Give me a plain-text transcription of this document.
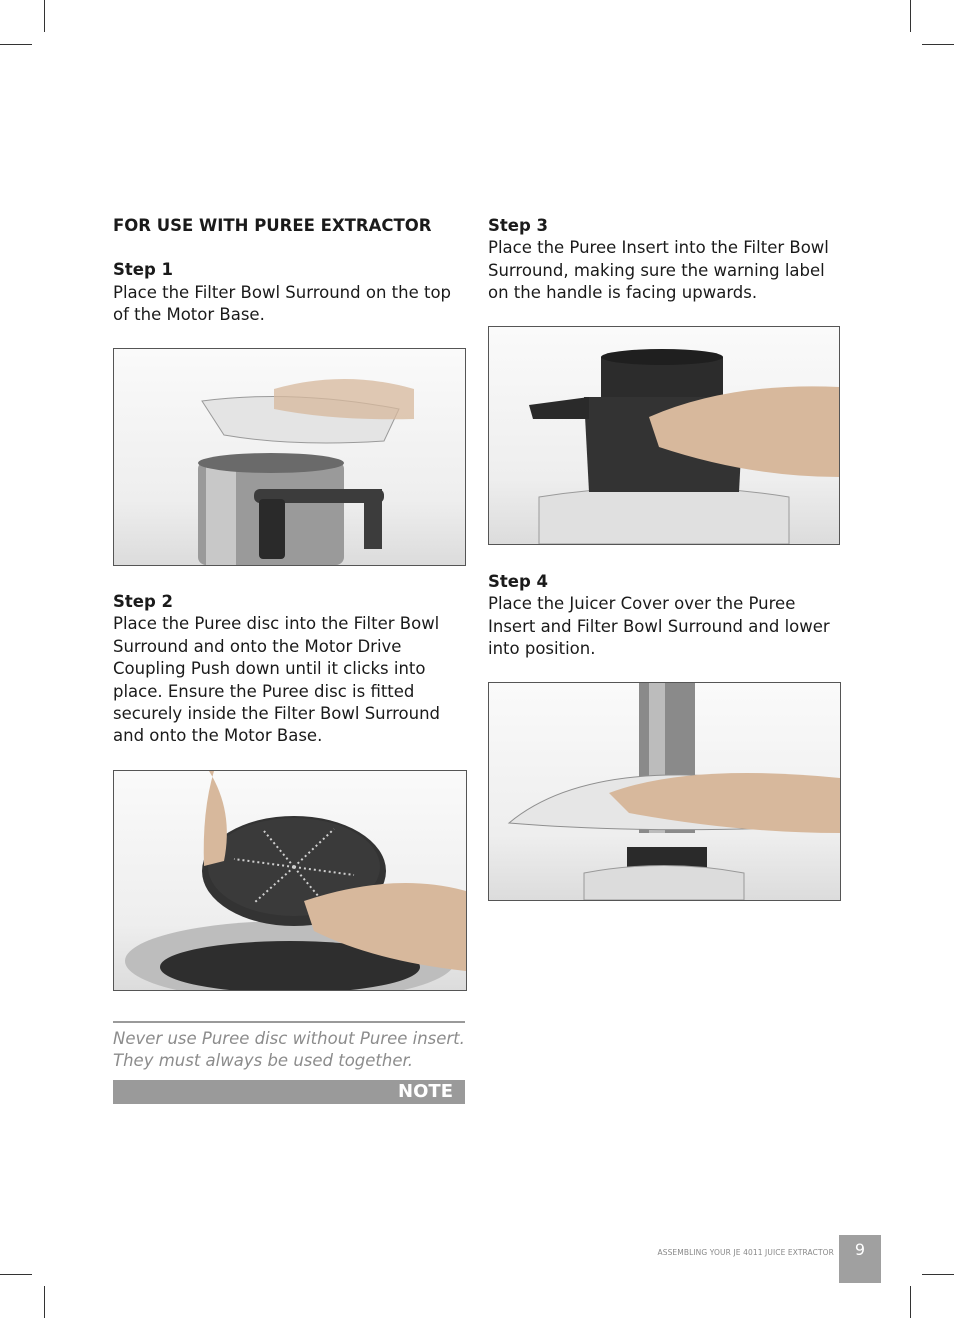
FOR USE WITH PUREE EXTRACTOR

Step 1

Place the Filter Bowl Surround on the top of the Motor Base.

Step 2

Place the Puree disc into the Filter Bowl Surround and onto the Motor Drive Coupling Push down until it clicks into place. Ensure the Puree disc is fitted securely inside the Filter Bowl Surround and onto the Motor Base.

Never use Puree disc without Puree insert. They must always be used together.

NOTE

Step 3

Place the Puree Insert into the Filter Bowl Surround, making sure the warning label on the handle is facing upwards.

Step 4

Place the Juicer Cover over the Puree Insert and Filter Bowl Surround and lower into position.

ASSEMBLING YOUR JE 4011 JUICE EXTRACTOR	9
